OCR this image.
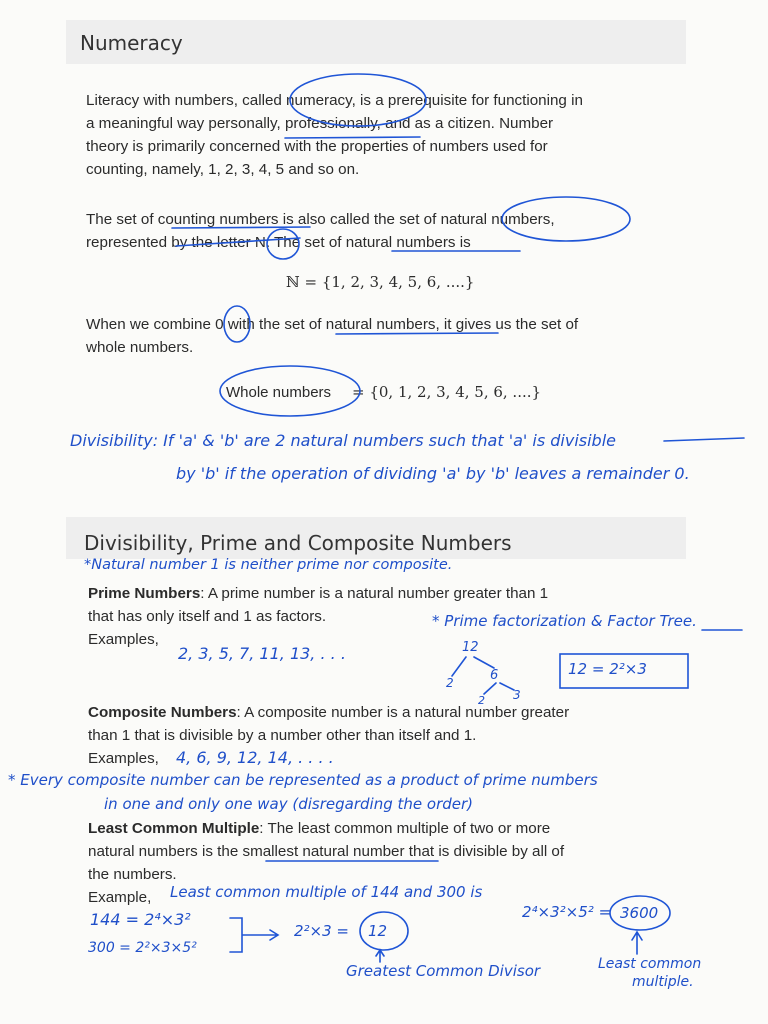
Numeracy
Literacy with numbers, called numeracy, is a prerequisite for functioning in
a meaningful way personally, professionally, and as a citizen. Number
theory is primarily concerned with the properties of numbers used for
counting, namely, 1, 2, 3, 4, 5 and so on.
The set of counting numbers is also called the set of natural numbers,
represented by the letter N. The set of natural numbers is
ℕ = {1, 2, 3, 4, 5, 6, ....}
When we combine 0 with the set of natural numbers, it gives us the set of
whole numbers.
Whole numbers = {0, 1, 2, 3, 4, 5, 6, ....}
Divisibility: If 'a' & 'b' are 2 natural numbers such that 'a' is divisible
by 'b' if the operation of dividing 'a' by 'b' leaves a remainder 0.
Divisibility, Prime and Composite Numbers
*Natural number 1 is neither prime nor composite.
Prime Numbers: A prime number is a natural number greater than 1
that has only itself and 1 as factors.
Examples,
2, 3, 5, 7, 11, 13, . . .
* Prime factorization & Factor Tree.
12
2	6
2 3
12 = 2²×3
Composite Numbers: A composite number is a natural number greater
than 1 that is divisible by a number other than itself and 1.
Examples,	4, 6, 9, 12, 14, . . . .
* Every composite number can be represented as a product of prime numbers
in one and only one way (disregarding the order)
Least Common Multiple: The least common multiple of two or more
natural numbers is the smallest natural number that is divisible by all of
the numbers.
Example,	Least common multiple of 144 and 300 is
144 = 2⁴×3²
300 = 2²×3×5²
2²×3 = 12
2⁴×3²×5² = 3600
Greatest Common Divisor	Least common
multiple.
